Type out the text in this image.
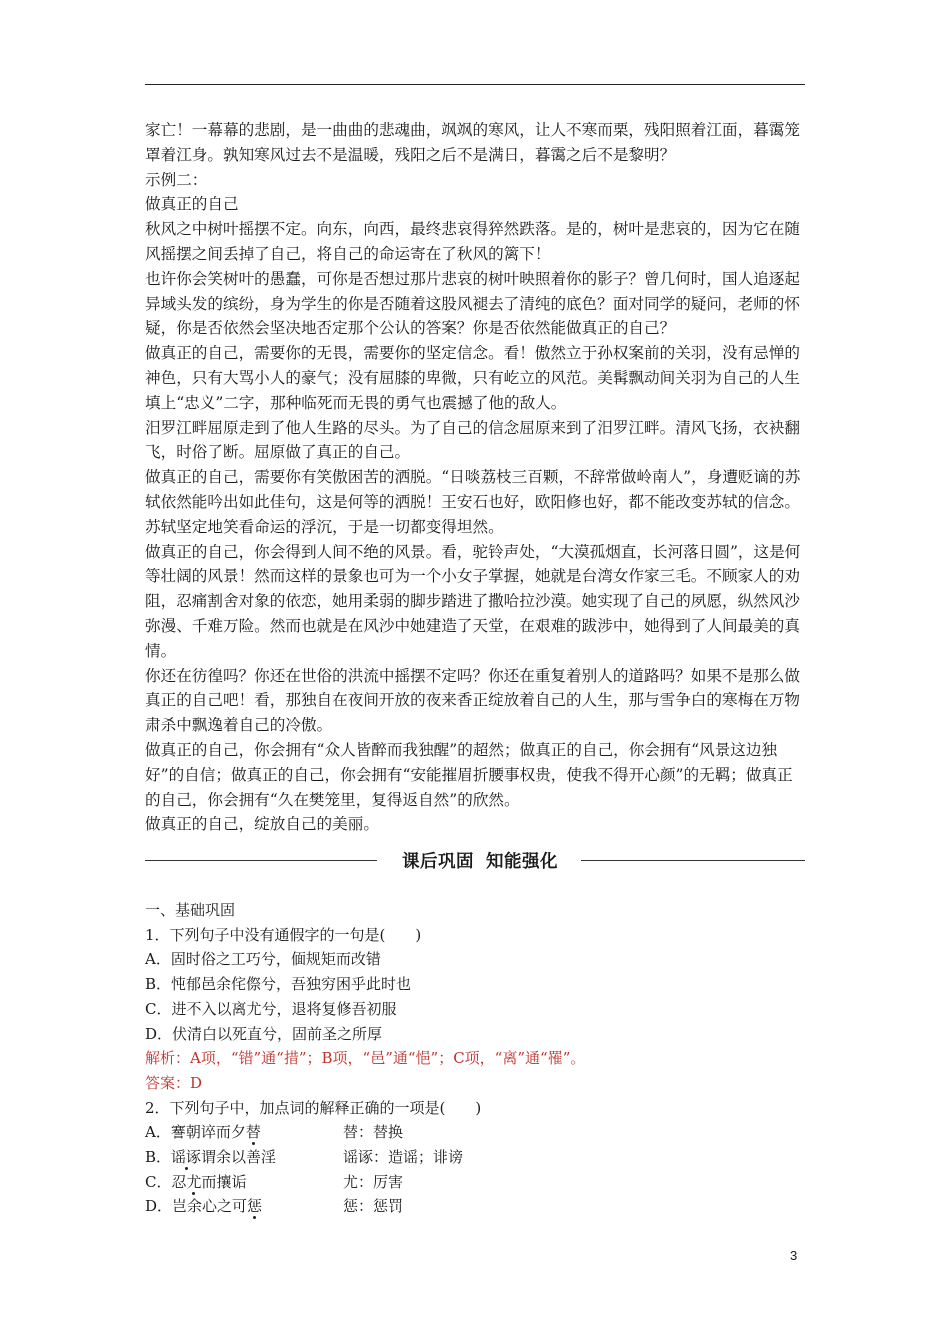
家亡！一幕幕的悲剧，是一曲曲的悲魂曲，飒飒的寒风，让人不寒而栗，残阳照着江面，暮霭笼罩着江身。孰知寒风过去不是温暖，残阳之后不是满日，暮霭之后不是黎明？

示例二：

做真正的自己

秋风之中树叶摇摆不定。向东，向西，最终悲哀得猝然跌落。是的，树叶是悲哀的，因为它在随风摇摆之间丢掉了自己，将自己的命运寄在了秋风的篱下！

也许你会笑树叶的愚蠢，可你是否想过那片悲哀的树叶映照着你的影子？曾几何时，国人追逐起异域头发的缤纷，身为学生的你是否随着这股风褪去了清纯的底色？面对同学的疑问，老师的怀疑，你是否依然会坚决地否定那个公认的答案？你是否依然能做真正的自己？

做真正的自己，需要你的无畏，需要你的坚定信念。看！傲然立于孙权案前的关羽，没有忌惮的神色，只有大骂小人的豪气；没有屈膝的卑微，只有屹立的风范。美髯飘动间关羽为自己的人生填上“忠义”二字，那种临死而无畏的勇气也震撼了他的敌人。

汨罗江畔屈原走到了他人生路的尽头。为了自己的信念屈原来到了汨罗江畔。清风飞扬，衣袂翻飞，时俗了断。屈原做了真正的自己。

做真正的自己，需要你有笑傲困苦的洒脱。“日啖荔枝三百颗，不辞常做岭南人”，身遭贬谪的苏轼依然能吟出如此佳句，这是何等的洒脱！王安石也好，欧阳修也好，都不能改变苏轼的信念。苏轼坚定地笑看命运的浮沉，于是一切都变得坦然。

做真正的自己，你会得到人间不绝的风景。看，驼铃声处，“大漠孤烟直，长河落日圆”，这是何等壮阔的风景！然而这样的景象也可为一个小女子掌握，她就是台湾女作家三毛。不顾家人的劝阻，忍痛割舍对象的依恋，她用柔弱的脚步踏进了撒哈拉沙漠。她实现了自己的夙愿，纵然风沙弥漫、千难万险。然而也就是在风沙中她建造了天堂，在艰难的跋涉中，她得到了人间最美的真情。

你还在彷徨吗？你还在世俗的洪流中摇摆不定吗？你还在重复着别人的道路吗？如果不是那么做真正的自己吧！看，那独自在夜间开放的夜来香正绽放着自己的人生，那与雪争白的寒梅在万物肃杀中飘逸着自己的冷傲。

做真正的自己，你会拥有“众人皆醉而我独醒”的超然；做真正的自己，你会拥有“风景这边独好”的自信；做真正的自己，你会拥有“安能摧眉折腰事权贵，使我不得开心颜”的无羁；做真正的自己，你会拥有“久在樊笼里，复得返自然”的欣然。

做真正的自己，绽放自己的美丽。

课后巩固 知能强化

一、基础巩固

1．下列句子中没有通假字的一句是(　　)

A．固时俗之工巧兮，偭规矩而改错

B．忳郁邑余侘傺兮，吾独穷困乎此时也

C．进不入以离尤兮，退将复修吾初服

D．伏清白以死直兮，固前圣之所厚

解析：A项，“错”通“措”；B项，“邑”通“悒”；C项，“离”通“罹”。

答案：D

2．下列句子中，加点词的解释正确的一项是(　　)

A．謇朝谇而夕替	替：替换
B．谣诼谓余以善淫	谣诼：造谣；诽谤
C．忍尤而攘诟	尤：厉害
D．岂余心之可惩	惩：惩罚
3
